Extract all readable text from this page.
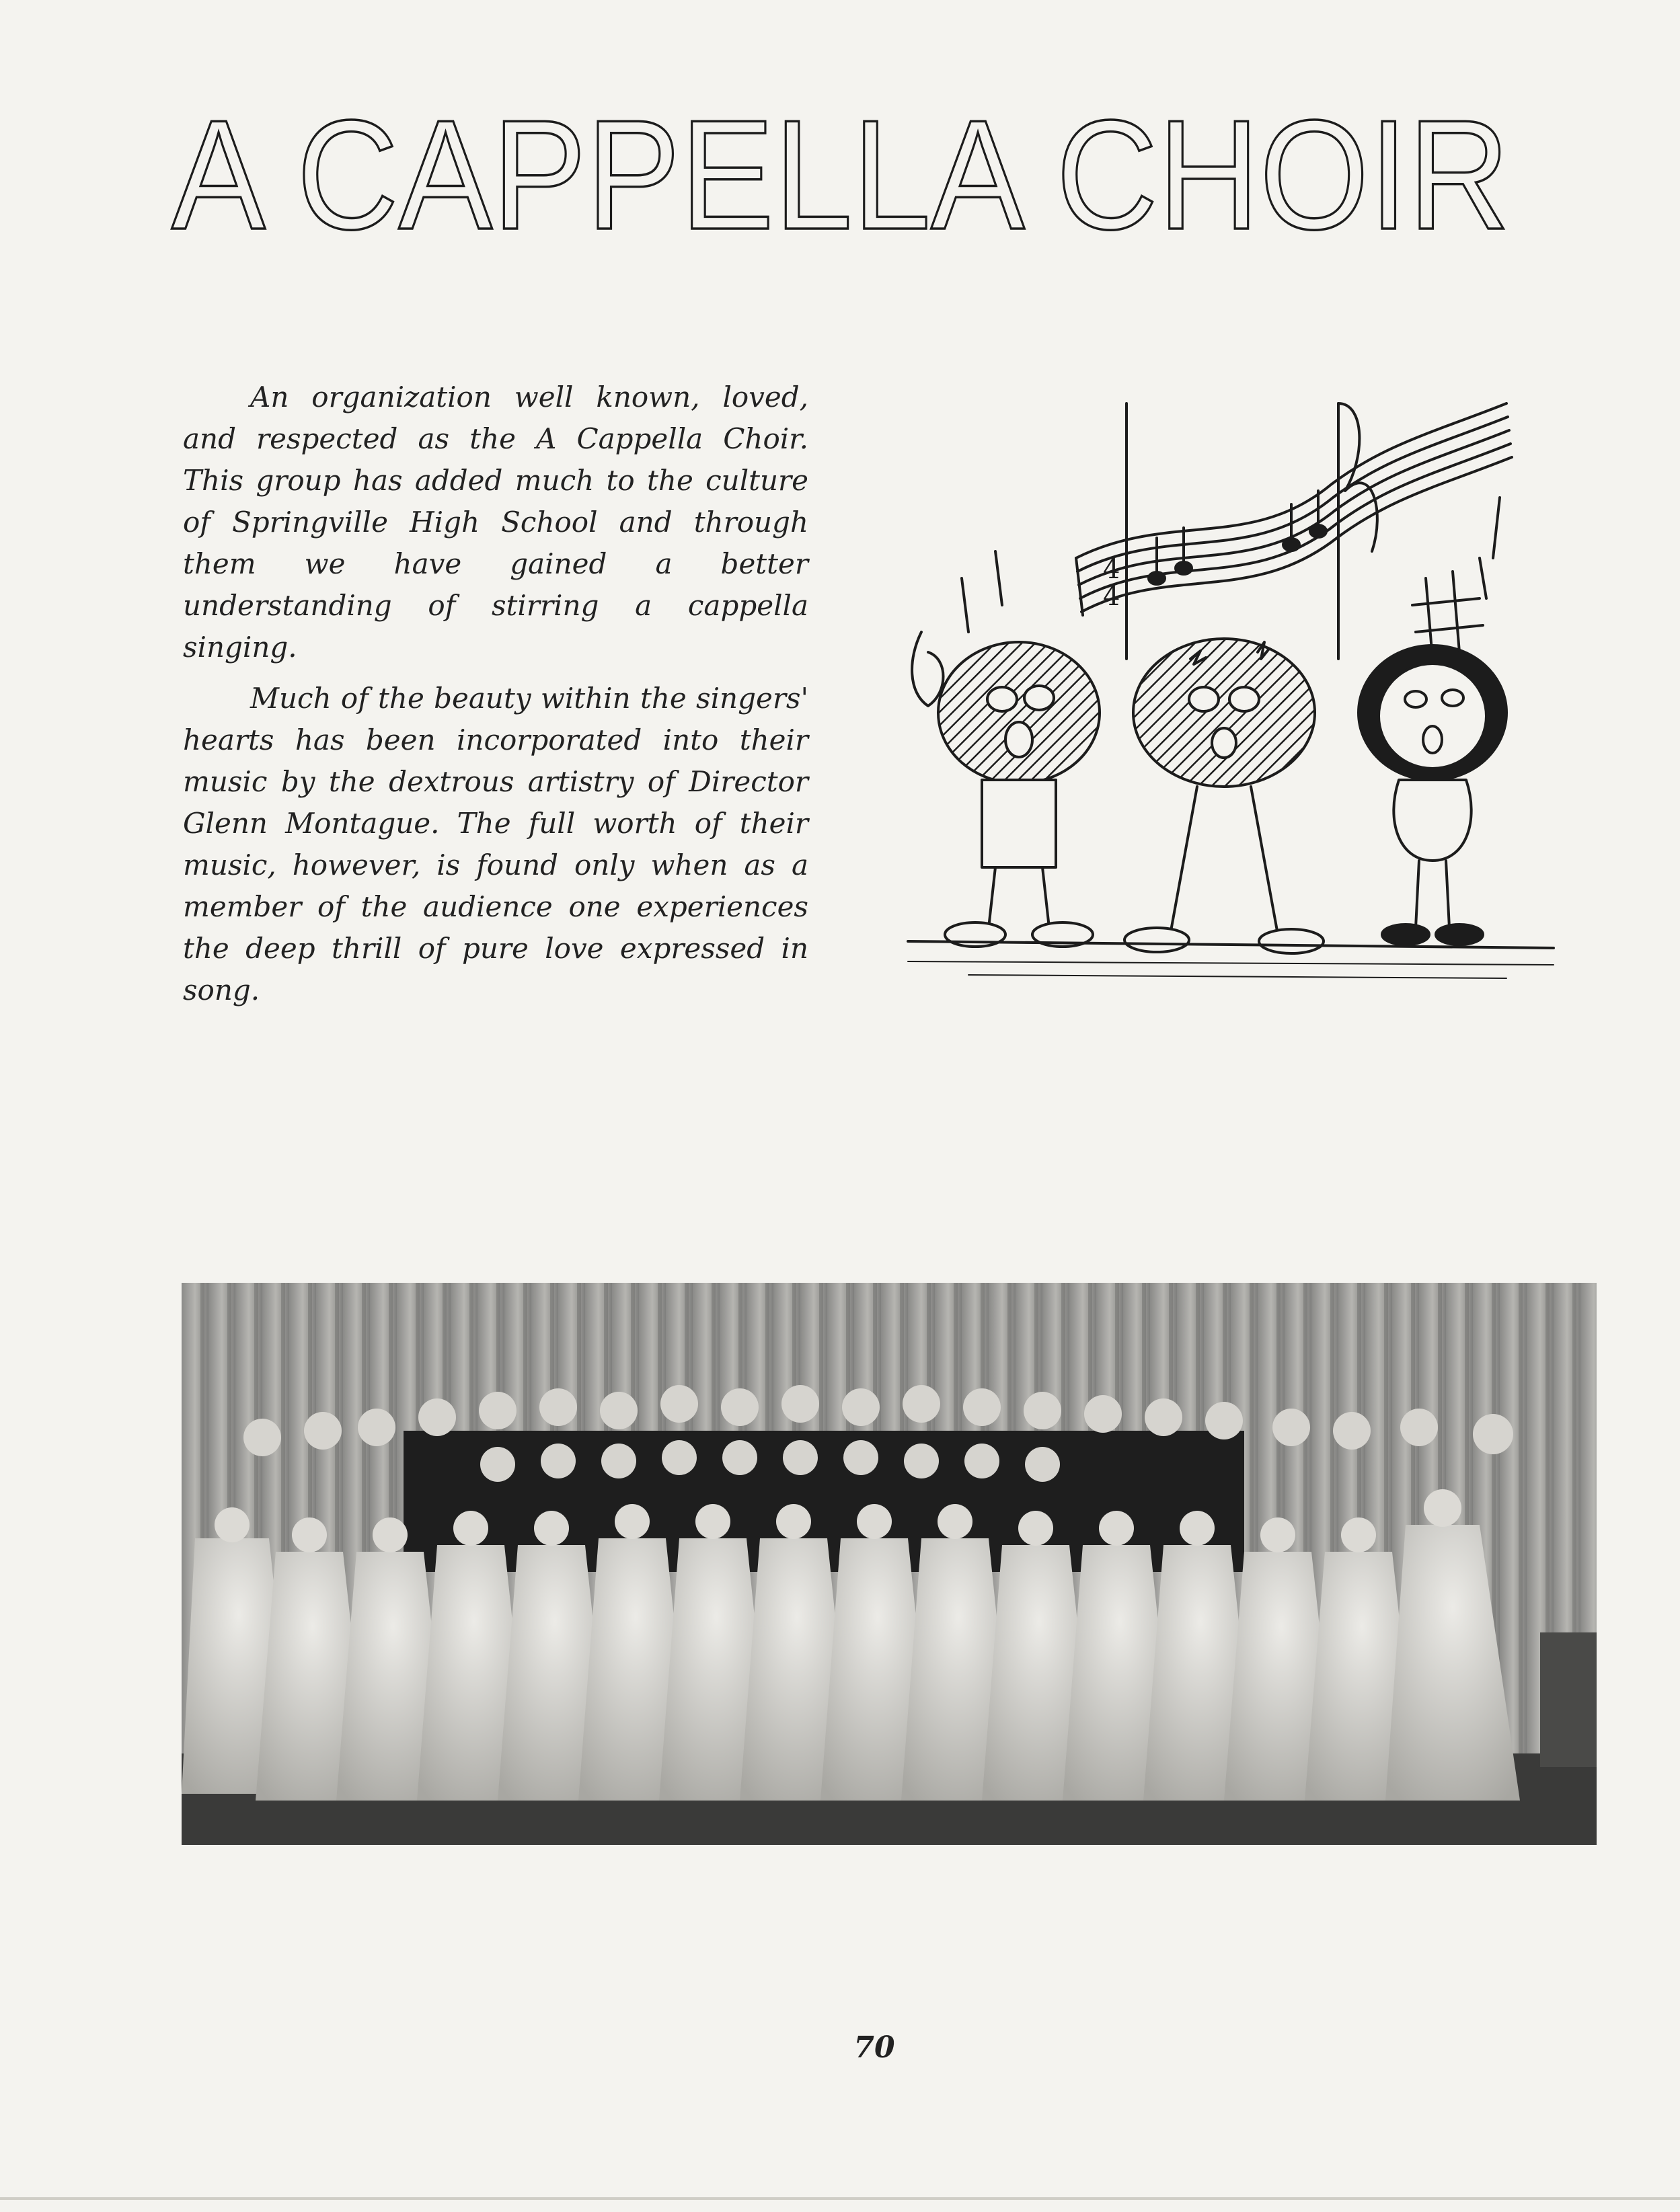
A CAPPELLA CHOIR

An organization well known, loved, and respected as the A Cappella Choir. This group has added much to the culture of Springville High School and through them we have gained a better understanding of stirring a cappella singing.

Much of the beauty within the singers' hearts has been incorporated into their music by the dextrous artistry of Director Glenn Montague. The full worth of their music, however, is found only when as a member of the audience one experiences the deep thrill of pure love expressed in song.

4
4
70
